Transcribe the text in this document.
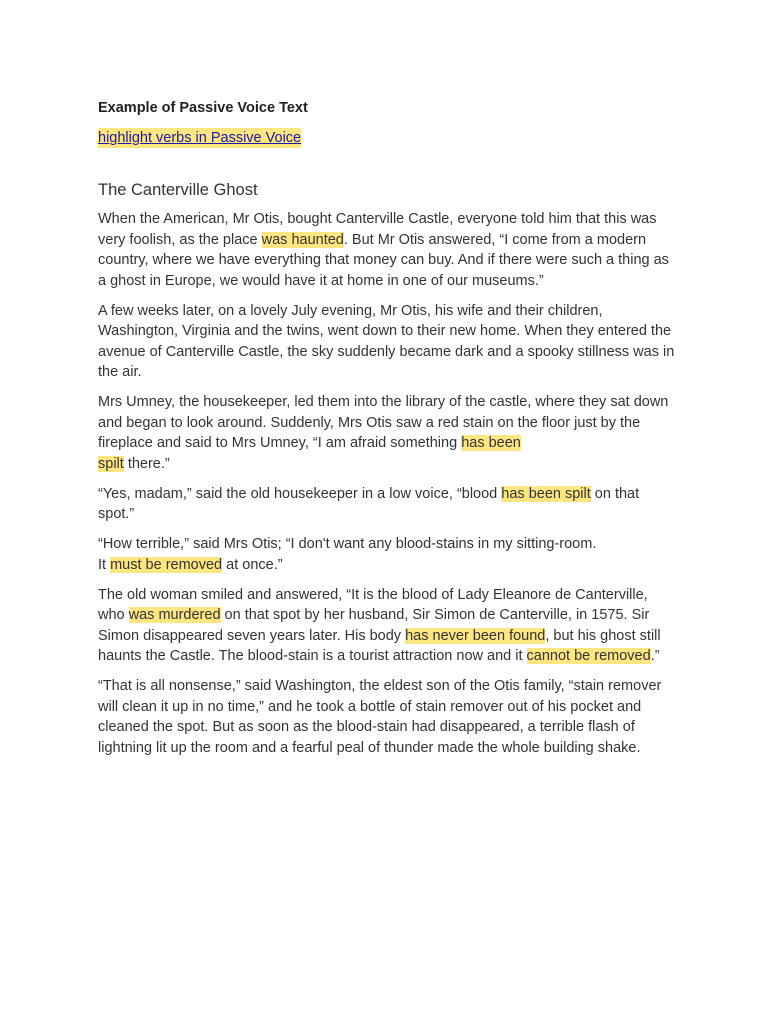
Example of Passive Voice Text
highlight verbs in Passive Voice
The Canterville Ghost

When the American, Mr Otis, bought Canterville Castle, everyone told him that this was very foolish, as the place was haunted. But Mr Otis answered, “I come from a modern country, where we have everything that money can buy. And if there were such a thing as a ghost in Europe, we would have it at home in one of our museums.”

A few weeks later, on a lovely July evening, Mr Otis, his wife and their children, Washington, Virginia and the twins, went down to their new home. When they entered the avenue of Canterville Castle, the sky suddenly became dark and a spooky stillness was in the air.

Mrs Umney, the housekeeper, led them into the library of the castle, where they sat down and began to look around. Suddenly, Mrs Otis saw a red stain on the floor just by the fireplace and said to Mrs Umney, “I am afraid something has been
spilt there.”

“Yes, madam,” said the old housekeeper in a low voice, “blood has been spilt on that spot.”

“How terrible,” said Mrs Otis; “I don't want any blood-stains in my sitting-room.
It must be removed at once.”

The old woman smiled and answered, “It is the blood of Lady Eleanore de Canterville, who was murdered on that spot by her husband, Sir Simon de Canterville, in 1575. Sir Simon disappeared seven years later. His body has never been found, but his ghost still haunts the Castle. The blood-stain is a tourist attraction now and it cannot be removed.”

“That is all nonsense,” said Washington, the eldest son of the Otis family, “stain remover will clean it up in no time,” and he took a bottle of stain remover out of his pocket and cleaned the spot. But as soon as the blood-stain had disappeared, a terrible flash of lightning lit up the room and a fearful peal of thunder made the whole building shake.
